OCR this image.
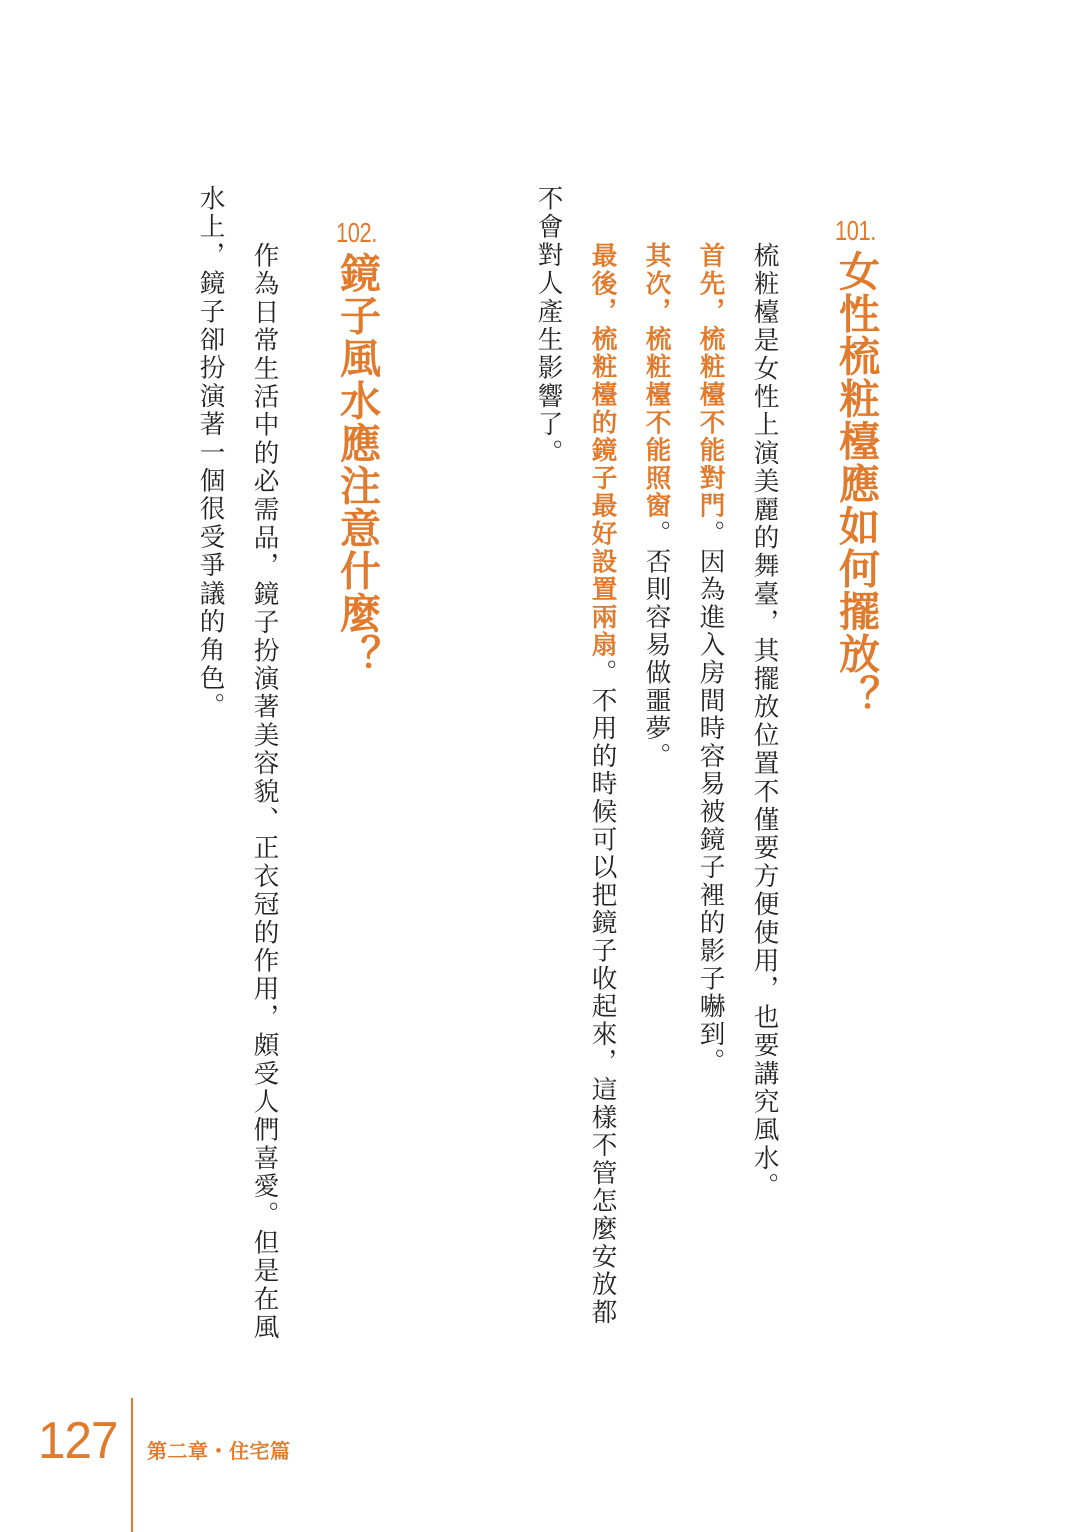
101.
女性梳粧檯應如何擺放？
梳粧檯是女性上演美麗的舞臺，其擺放位置不僅要方便使用，也要講究風水。
首先，梳粧檯不能對門。因為進入房間時容易被鏡子裡的影子嚇到。
其次，梳粧檯不能照窗。否則容易做噩夢。
最後，梳粧檯的鏡子最好設置兩扇。不用的時候可以把鏡子收起來，這樣不管怎麼安放都
不會對人產生影響了。
102.
鏡子風水應注意什麼？
作為日常生活中的必需品，鏡子扮演著美容貌、正衣冠的作用，頗受人們喜愛。但是在風
水上，鏡子卻扮演著一個很受爭議的角色。
127 第二章・住宅篇
